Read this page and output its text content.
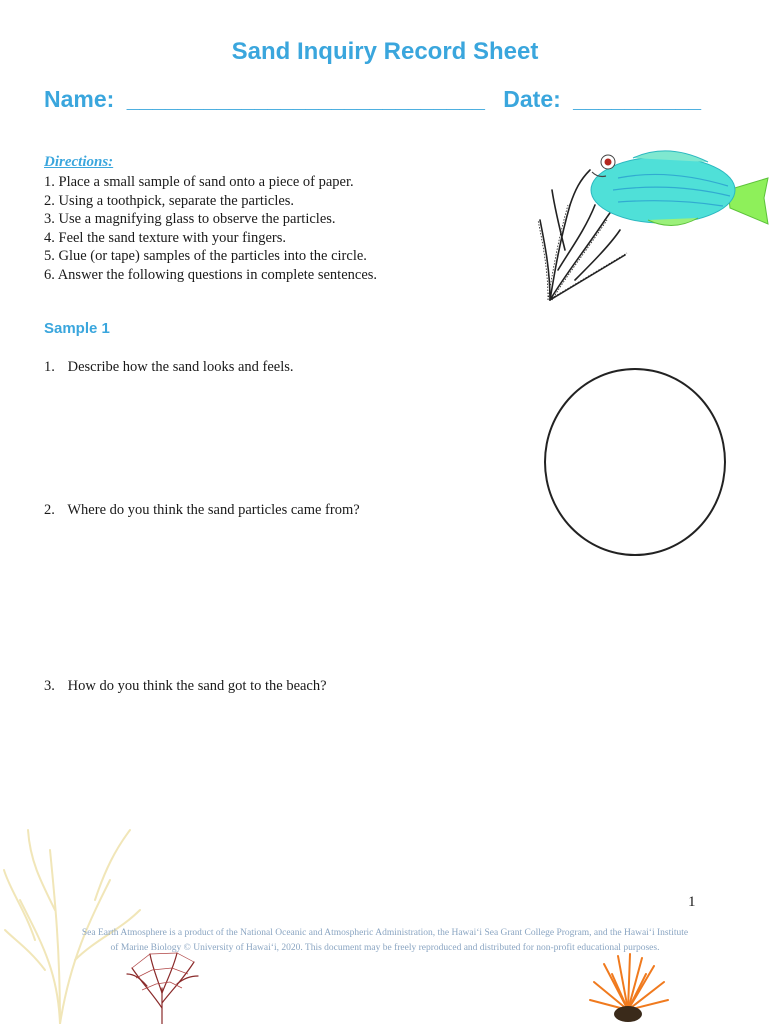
Sand Inquiry Record Sheet
Name: ____________________________ Date: __________
Directions:
1. Place a small sample of sand onto a piece of paper.
2. Using a toothpick, separate the particles.
3. Use a magnifying glass to observe the particles.
4. Feel the sand texture with your fingers.
5. Glue (or tape) samples of the particles into the circle.
6. Answer the following questions in complete sentences.
Sample 1
1. Describe how the sand looks and feels.
2. Where do you think the sand particles came from?
3. How do you think the sand got to the beach?
1
Sea Earth Atmosphere is a product of the National Oceanic and Atmospheric Administration, the Hawaiʻi Sea Grant College Program, and the Hawaiʻi Institute
of Marine Biology © University of Hawaiʻi, 2020. This document may be freely reproduced and distributed for non-profit educational purposes.
